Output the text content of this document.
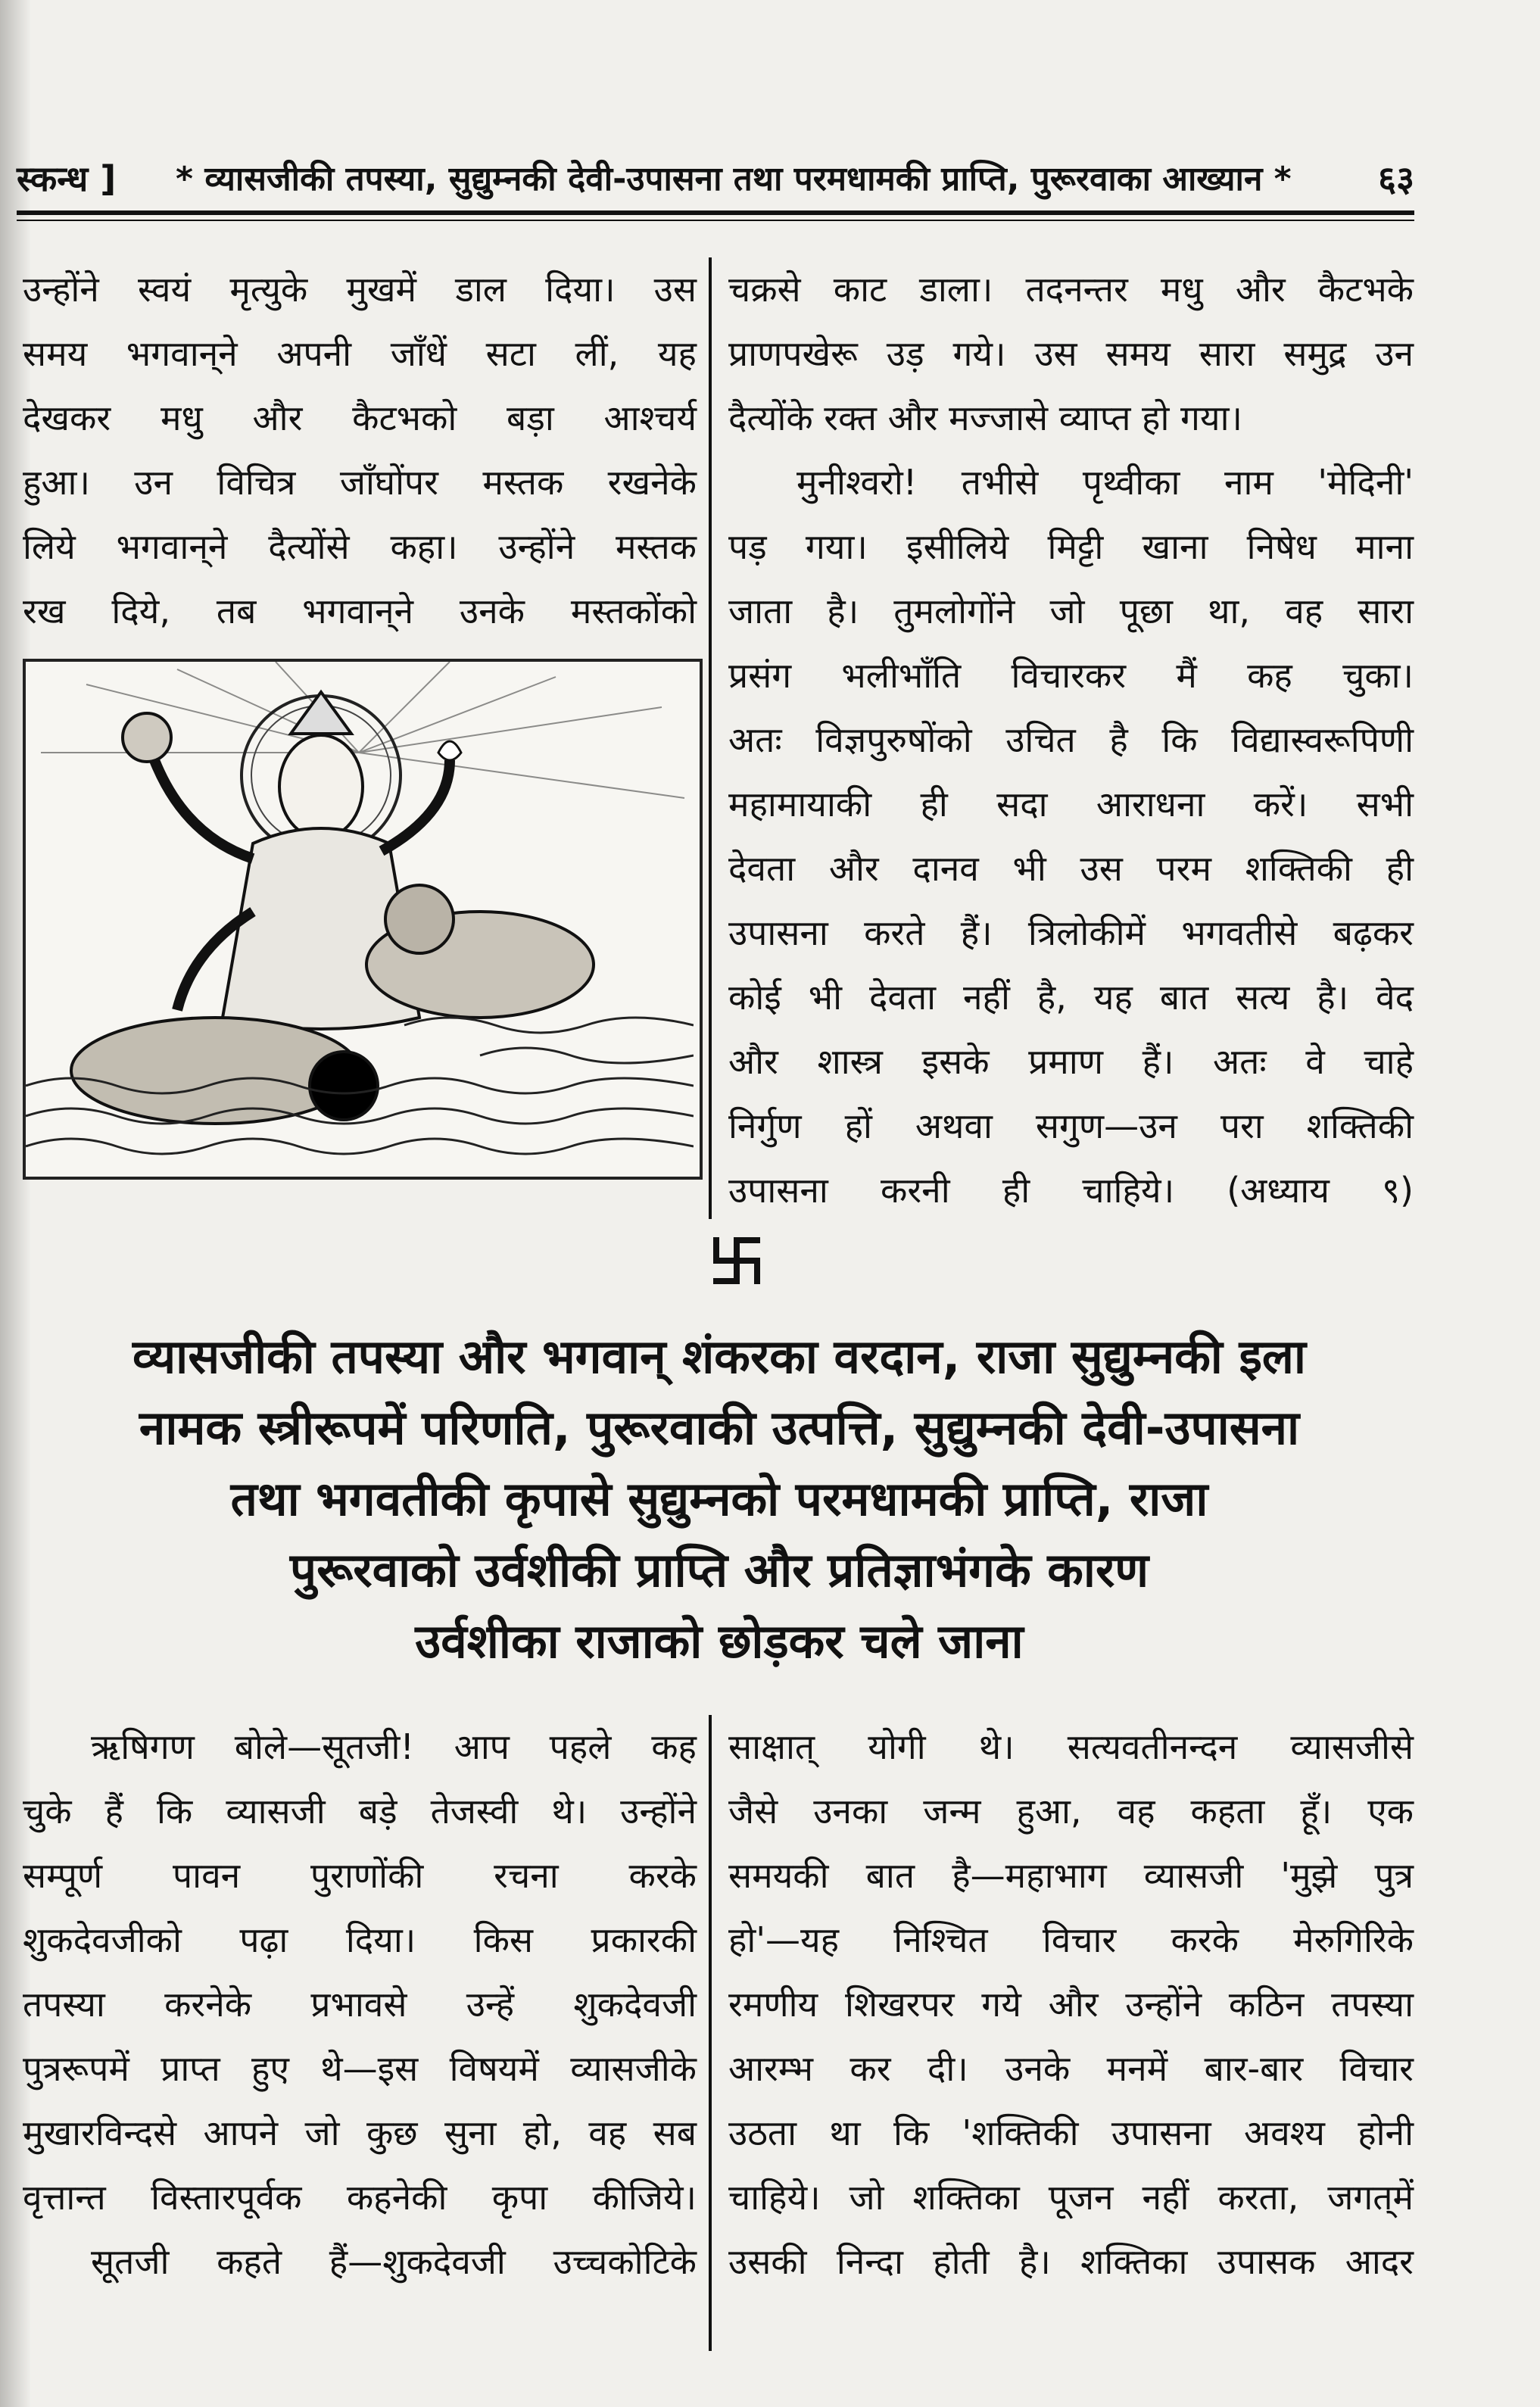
स्कन्ध ] * व्यासजीकी तपस्या, सुद्युम्नकी देवी-उपासना तथा परमधामकी प्राप्ति, पुरूरवाका आख्यान * ६३
उन्होंने स्वयं मृत्युके मुखमें डाल दिया। उस
समय भगवान्‌ने अपनी जाँधें सटा लीं, यह
देखकर मधु और कैटभको बड़ा आश्चर्य
हुआ। उन विचित्र जाँघोंपर मस्तक रखनेके
लिये भगवान्‌ने दैत्योंसे कहा। उन्होंने मस्तक
रख दिये, तब भगवान्‌ने उनके मस्तकोंको
चक्रसे काट डाला। तदनन्तर मधु और कैटभके
प्राणपखेरू उड़ गये। उस समय सारा समुद्र उन
दैत्योंके रक्त और मज्जासे व्याप्त हो गया।
मुनीश्वरो! तभीसे पृथ्वीका नाम 'मेदिनी'
पड़ गया। इसीलिये मिट्टी खाना निषेध माना
जाता है। तुमलोगोंने जो पूछा था, वह सारा
प्रसंग भलीभाँति विचारकर मैं कह चुका।
अतः विज्ञपुरुषोंको उचित है कि विद्यास्वरूपिणी
महामायाकी ही सदा आराधना करें। सभी
देवता और दानव भी उस परम शक्तिकी ही
उपासना करते हैं। त्रिलोकीमें भगवतीसे बढ़कर
कोई भी देवता नहीं है, यह बात सत्य है। वेद
और शास्त्र इसके प्रमाण हैं। अतः वे चाहे
निर्गुण हों अथवा सगुण—उन परा शक्तिकी
उपासना करनी ही चाहिये। (अध्याय ९)
व्यासजीकी तपस्या और भगवान् शंकरका वरदान, राजा सुद्युम्नकी इला
नामक स्त्रीरूपमें परिणति, पुरूरवाकी उत्पत्ति, सुद्युम्नकी देवी-उपासना
तथा भगवतीकी कृपासे सुद्युम्नको परमधामकी प्राप्ति, राजा
पुरूरवाको उर्वशीकी प्राप्ति और प्रतिज्ञाभंगके कारण
उर्वशीका राजाको छोड़कर चले जाना
ऋषिगण बोले—सूतजी! आप पहले कह
चुके हैं कि व्यासजी बड़े तेजस्वी थे। उन्होंने
सम्पूर्ण पावन पुराणोंकी रचना करके
शुकदेवजीको पढ़ा दिया। किस प्रकारकी
तपस्या करनेके प्रभावसे उन्हें शुकदेवजी
पुत्ररूपमें प्राप्त हुए थे—इस विषयमें व्यासजीके
मुखारविन्दसे आपने जो कुछ सुना हो, वह सब
वृत्तान्त विस्तारपूर्वक कहनेकी कृपा कीजिये।
सूतजी कहते हैं—शुकदेवजी उच्चकोटिके
साक्षात् योगी थे। सत्यवतीनन्दन व्यासजीसे
जैसे उनका जन्म हुआ, वह कहता हूँ। एक
समयकी बात है—महाभाग व्यासजी 'मुझे पुत्र
हो'—यह निश्चित विचार करके मेरुगिरिके
रमणीय शिखरपर गये और उन्होंने कठिन तपस्या
आरम्भ कर दी। उनके मनमें बार-बार विचार
उठता था कि 'शक्तिकी उपासना अवश्य होनी
चाहिये। जो शक्तिका पूजन नहीं करता, जगत्‌में
उसकी निन्दा होती है। शक्तिका उपासक आदर
